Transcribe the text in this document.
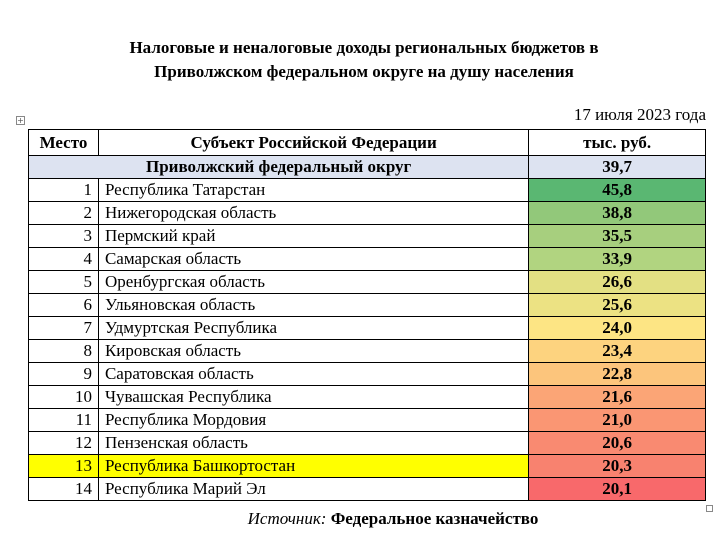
Налоговые и неналоговые доходы региональных бюджетов в
Приволжском федеральном округе на душу населения
17 июля 2023 года
+
Место	Субъект Российской Федерации	тыс. руб.
Приволжский федеральный округ		39,7
1	Республика Татарстан	45,8
2	Нижегородская область	38,8
3	Пермский край	35,5
4	Самарская область	33,9
5	Оренбургская область	26,6
6	Ульяновская область	25,6
7	Удмуртская Республика	24,0
8	Кировская область	23,4
9	Саратовская область	22,8
10	Чувашская Республика	21,6
11	Республика Мордовия	21,0
12	Пензенская область	20,6
13	Республика Башкортостан	20,3
14	Республика Марий Эл	20,1
Источник: Федеральное казначейство
